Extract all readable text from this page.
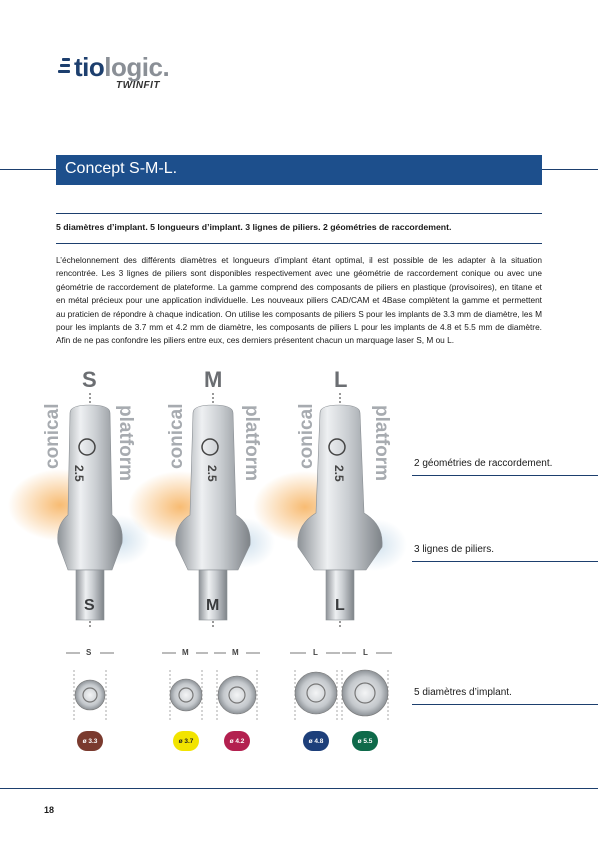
tiologic.
TWINFIT
Concept S-M-L.
5 diamètres d’implant. 5 longueurs d’implant. 3 lignes de piliers. 2 géométries de raccordement.
L’échelonnement des différents diamètres et longueurs d’implant étant optimal, il est possible de les adapter à la situation rencontrée. Les 3 lignes de piliers sont disponibles respectivement avec une géométrie de raccordement conique ou avec une géométrie de raccordement de plateforme. La gamme comprend des composants de piliers en plastique (provisoires), en titane et en métal précieux pour une application individuelle. Les nouveaux piliers CAD/CAM et 4Base complètent la gamme et permettent au praticien de répondre à chaque indication. On utilise les composants de piliers S pour les implants de 3.3 mm de diamètre, les M pour les implants de 3.7 mm et 4.2 mm de diamètre, les composants de piliers L pour les implants de 4.8 et 5.5 mm de diamètre. Afin de ne pas confondre les piliers entre eux, ces derniers présentent chacun un marquage laser S, M ou L.
S	M	L
conical	platform conical	platform conical	platform
2.5	2.5	2.5
S	M	L
S	M	M	L	L
ø 3.3	ø 3.7	ø 4.2	ø 4.8	ø 5.5
2 géométries de raccordement.
3 lignes de piliers.
5 diamètres d’implant.
18
